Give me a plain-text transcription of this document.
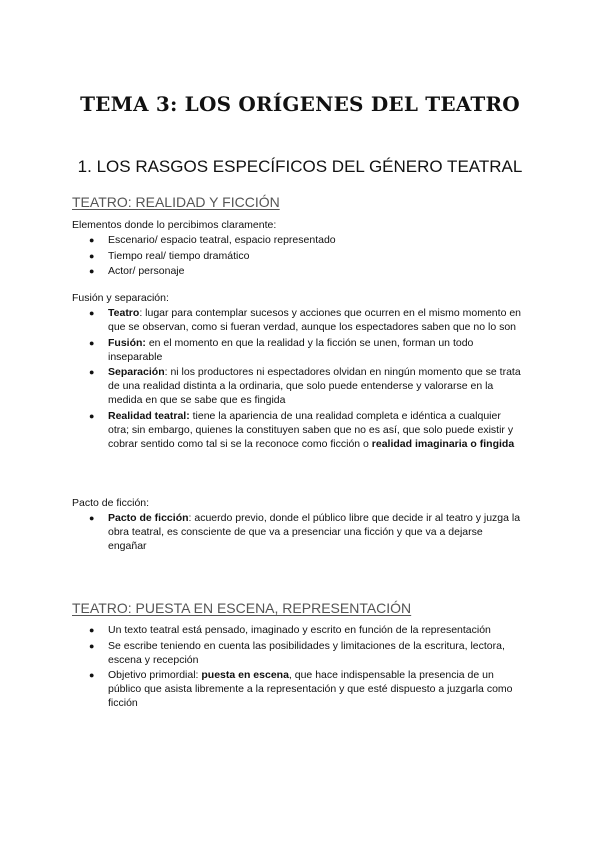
TEMA 3: LOS ORÍGENES DEL TEATRO
1. LOS RASGOS ESPECÍFICOS DEL GÉNERO TEATRAL
TEATRO: REALIDAD Y FICCIÓN

Elementos donde lo percibimos claramente:

● Escenario/ espacio teatral, espacio representado
● Tiempo real/ tiempo dramático
● Actor/ personaje

Fusión y separación:

● Teatro: lugar para contemplar sucesos y acciones que ocurren en el mismo momento en que se observan, como si fueran verdad, aunque los espectadores saben que no lo son
● Fusión: en el momento en que la realidad y la ficción se unen, forman un todo inseparable
● Separación: ni los productores ni espectadores olvidan en ningún momento que se trata de una realidad distinta a la ordinaria, que solo puede entenderse y valorarse en la medida en que se sabe que es fingida
● Realidad teatral: tiene la apariencia de una realidad completa e idéntica a cualquier otra; sin embargo, quienes la constituyen saben que no es así, que solo puede existir y cobrar sentido como tal si se la reconoce como ficción o realidad imaginaria o fingida

Pacto de ficción:

● Pacto de ficción: acuerdo previo, donde el público libre que decide ir al teatro y juzga la obra teatral, es consciente de que va a presenciar una ficción y que va a dejarse engañar
TEATRO: PUESTA EN ESCENA, REPRESENTACIÓN
● Un texto teatral está pensado, imaginado y escrito en función de la representación
● Se escribe teniendo en cuenta las posibilidades y limitaciones de la escritura, lectora, escena y recepción
● Objetivo primordial: puesta en escena, que hace indispensable la presencia de un público que asista libremente a la representación y que esté dispuesto a juzgarla como ficción
